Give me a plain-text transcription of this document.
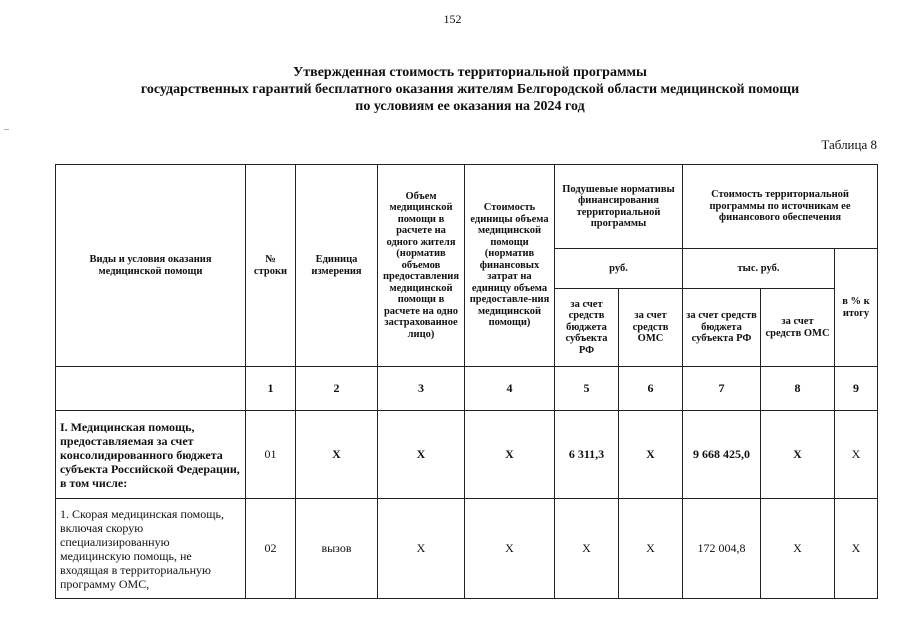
152
–
Утвержденная стоимость территориальной программы
государственных гарантий бесплатного оказания жителям Белгородской области медицинской помощи
по условиям ее оказания на 2024 год
Таблица 8
Виды и условия оказания медицинской помощи	№ строки	Единица измерения	Объем медицинской помощи в расчете на одного жителя (норматив объемов предоставления медицинской помощи в расчете на одно застрахованное лицо)	Стоимость единицы объема медицинской помощи (норматив финансовых затрат на единицу объема предоставле-ния медицинской помощи)	Подушевые нормативы финансирования территориальной программы		Стоимость территориальной программы по источникам ее финансового обеспечения		
					руб.		тыс. руб.		в % к итогу
					за счет средств бюджета субъекта РФ	за счет средств ОМС	за счет средств бюджета субъекта РФ	за счет средств ОМС	
	1	2	3	4	5	6	7	8	9
I. Медицинская помощь, предоставляемая за счет консолидированного бюджета субъекта Российской Федерации, в том числе:	01	Х	Х	Х	6 311,3	Х	9 668 425,0	Х	Х
1. Скорая медицинская помощь, включая скорую специализированную медицинскую помощь, не входящая в территориальную программу ОМС,	02	вызов	Х	Х	Х	Х	172 004,8	Х	Х
